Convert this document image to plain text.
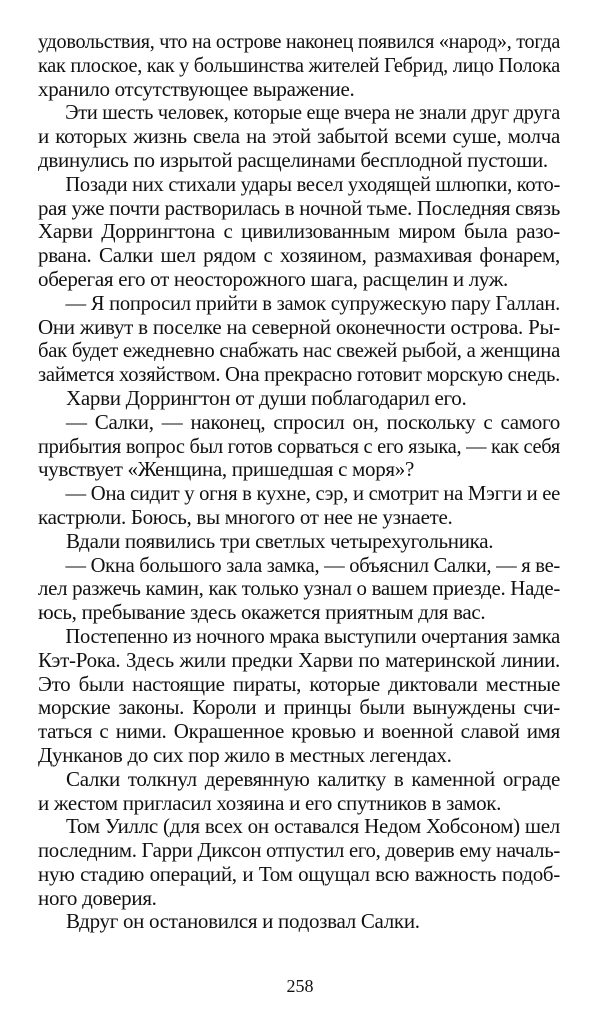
удовольствия, что на острове наконец появился «народ», тогда
как плоское, как у большинства жителей Гебрид, лицо Полока
хранило отсутствующее выражение.
Эти шесть человек, которые еще вчера не знали друг друга
и которых жизнь свела на этой забытой всеми суше, молча
двинулись по изрытой расщелинами бесплодной пустоши.
Позади них стихали удары весел уходящей шлюпки, кото-
рая уже почти растворилась в ночной тьме. Последняя связь
Харви Доррингтона с цивилизованным миром была разо-
рвана. Салки шел рядом с хозяином, размахивая фонарем,
оберегая его от неосторожного шага, расщелин и луж.
— Я попросил прийти в замок супружескую пару Галлан.
Они живут в поселке на северной оконечности острова. Ры-
бак будет ежедневно снабжать нас свежей рыбой, а женщина
займется хозяйством. Она прекрасно готовит морскую снедь.
Харви Доррингтон от души поблагодарил его.
— Салки, — наконец, спросил он, поскольку с самого
прибытия вопрос был готов сорваться с его языка, — как себя
чувствует «Женщина, пришедшая с моря»?
— Она сидит у огня в кухне, сэр, и смотрит на Мэгги и ее
кастрюли. Боюсь, вы многого от нее не узнаете.
Вдали появились три светлых четырехугольника.
— Окна большого зала замка, — объяснил Салки, — я ве-
лел разжечь камин, как только узнал о вашем приезде. Наде-
юсь, пребывание здесь окажется приятным для вас.
Постепенно из ночного мрака выступили очертания замка
Кэт-Рока. Здесь жили предки Харви по материнской линии.
Это были настоящие пираты, которые диктовали местные
морские законы. Короли и принцы были вынуждены счи-
таться с ними. Окрашенное кровью и военной славой имя
Дунканов до сих пор жило в местных легендах.
Салки толкнул деревянную калитку в каменной ограде
и жестом пригласил хозяина и его спутников в замок.
Том Уиллс (для всех он оставался Недом Хобсоном) шел
последним. Гарри Диксон отпустил его, доверив ему началь-
ную стадию операций, и Том ощущал всю важность подоб-
ного доверия.
Вдруг он остановился и подозвал Салки.
258
